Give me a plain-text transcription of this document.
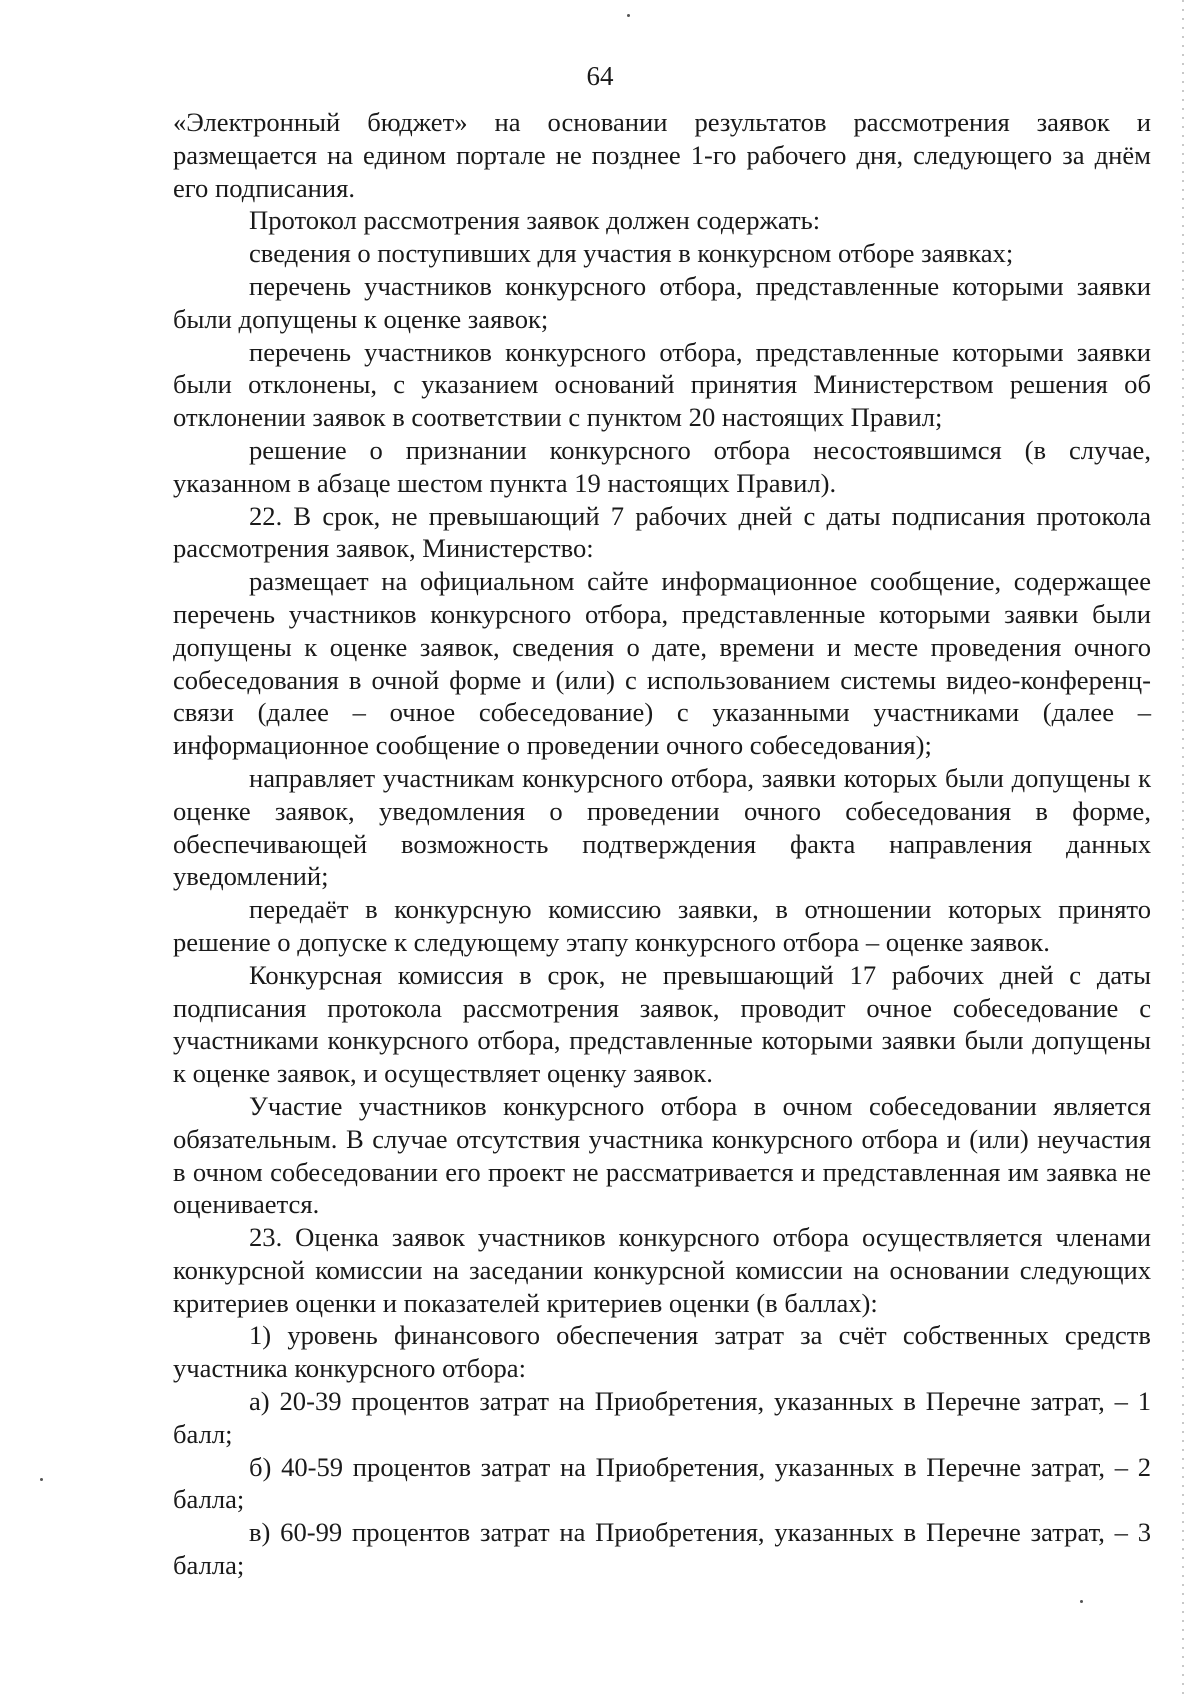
64

«Электронный бюджет» на основании результатов рассмотрения заявок и размещается на едином портале не позднее 1-го рабочего дня, следующего за днём его подписания.

Протокол рассмотрения заявок должен содержать:

сведения о поступивших для участия в конкурсном отборе заявках;

перечень участников конкурсного отбора, представленные которыми заявки были допущены к оценке заявок;

перечень участников конкурсного отбора, представленные которыми заявки были отклонены, с указанием оснований принятия Министерством решения об отклонении заявок в соответствии с пунктом 20 настоящих Правил;

решение о признании конкурсного отбора несостоявшимся (в случае, указанном в абзаце шестом пункта 19 настоящих Правил).

22. В срок, не превышающий 7 рабочих дней с даты подписания протокола рассмотрения заявок, Министерство:

размещает на официальном сайте информационное сообщение, содержащее перечень участников конкурсного отбора, представленные которыми заявки были допущены к оценке заявок, сведения о дате, времени и месте проведения очного собеседования в очной форме и (или) с использованием системы видео-конференц-связи (далее – очное собеседование) с указанными участниками (далее – информационное сообщение о проведении очного собеседования);

направляет участникам конкурсного отбора, заявки которых были допущены к оценке заявок, уведомления о проведении очного собеседования в форме, обеспечивающей возможность подтверждения факта направления данных уведомлений;

передаёт в конкурсную комиссию заявки, в отношении которых принято решение о допуске к следующему этапу конкурсного отбора – оценке заявок.

Конкурсная комиссия в срок, не превышающий 17 рабочих дней с даты подписания протокола рассмотрения заявок, проводит очное собеседование с участниками конкурсного отбора, представленные которыми заявки были допущены к оценке заявок, и осуществляет оценку заявок.

Участие участников конкурсного отбора в очном собеседовании является обязательным. В случае отсутствия участника конкурсного отбора и (или) неучастия в очном собеседовании его проект не рассматривается и представленная им заявка не оценивается.

23. Оценка заявок участников конкурсного отбора осуществляется членами конкурсной комиссии на заседании конкурсной комиссии на основании следующих критериев оценки и показателей критериев оценки (в баллах):

1) уровень финансового обеспечения затрат за счёт собственных средств участника конкурсного отбора:

а) 20-39 процентов затрат на Приобретения, указанных в Перечне затрат, – 1 балл;

б) 40-59 процентов затрат на Приобретения, указанных в Перечне затрат, – 2 балла;

в) 60-99 процентов затрат на Приобретения, указанных в Перечне затрат, – 3 балла;
